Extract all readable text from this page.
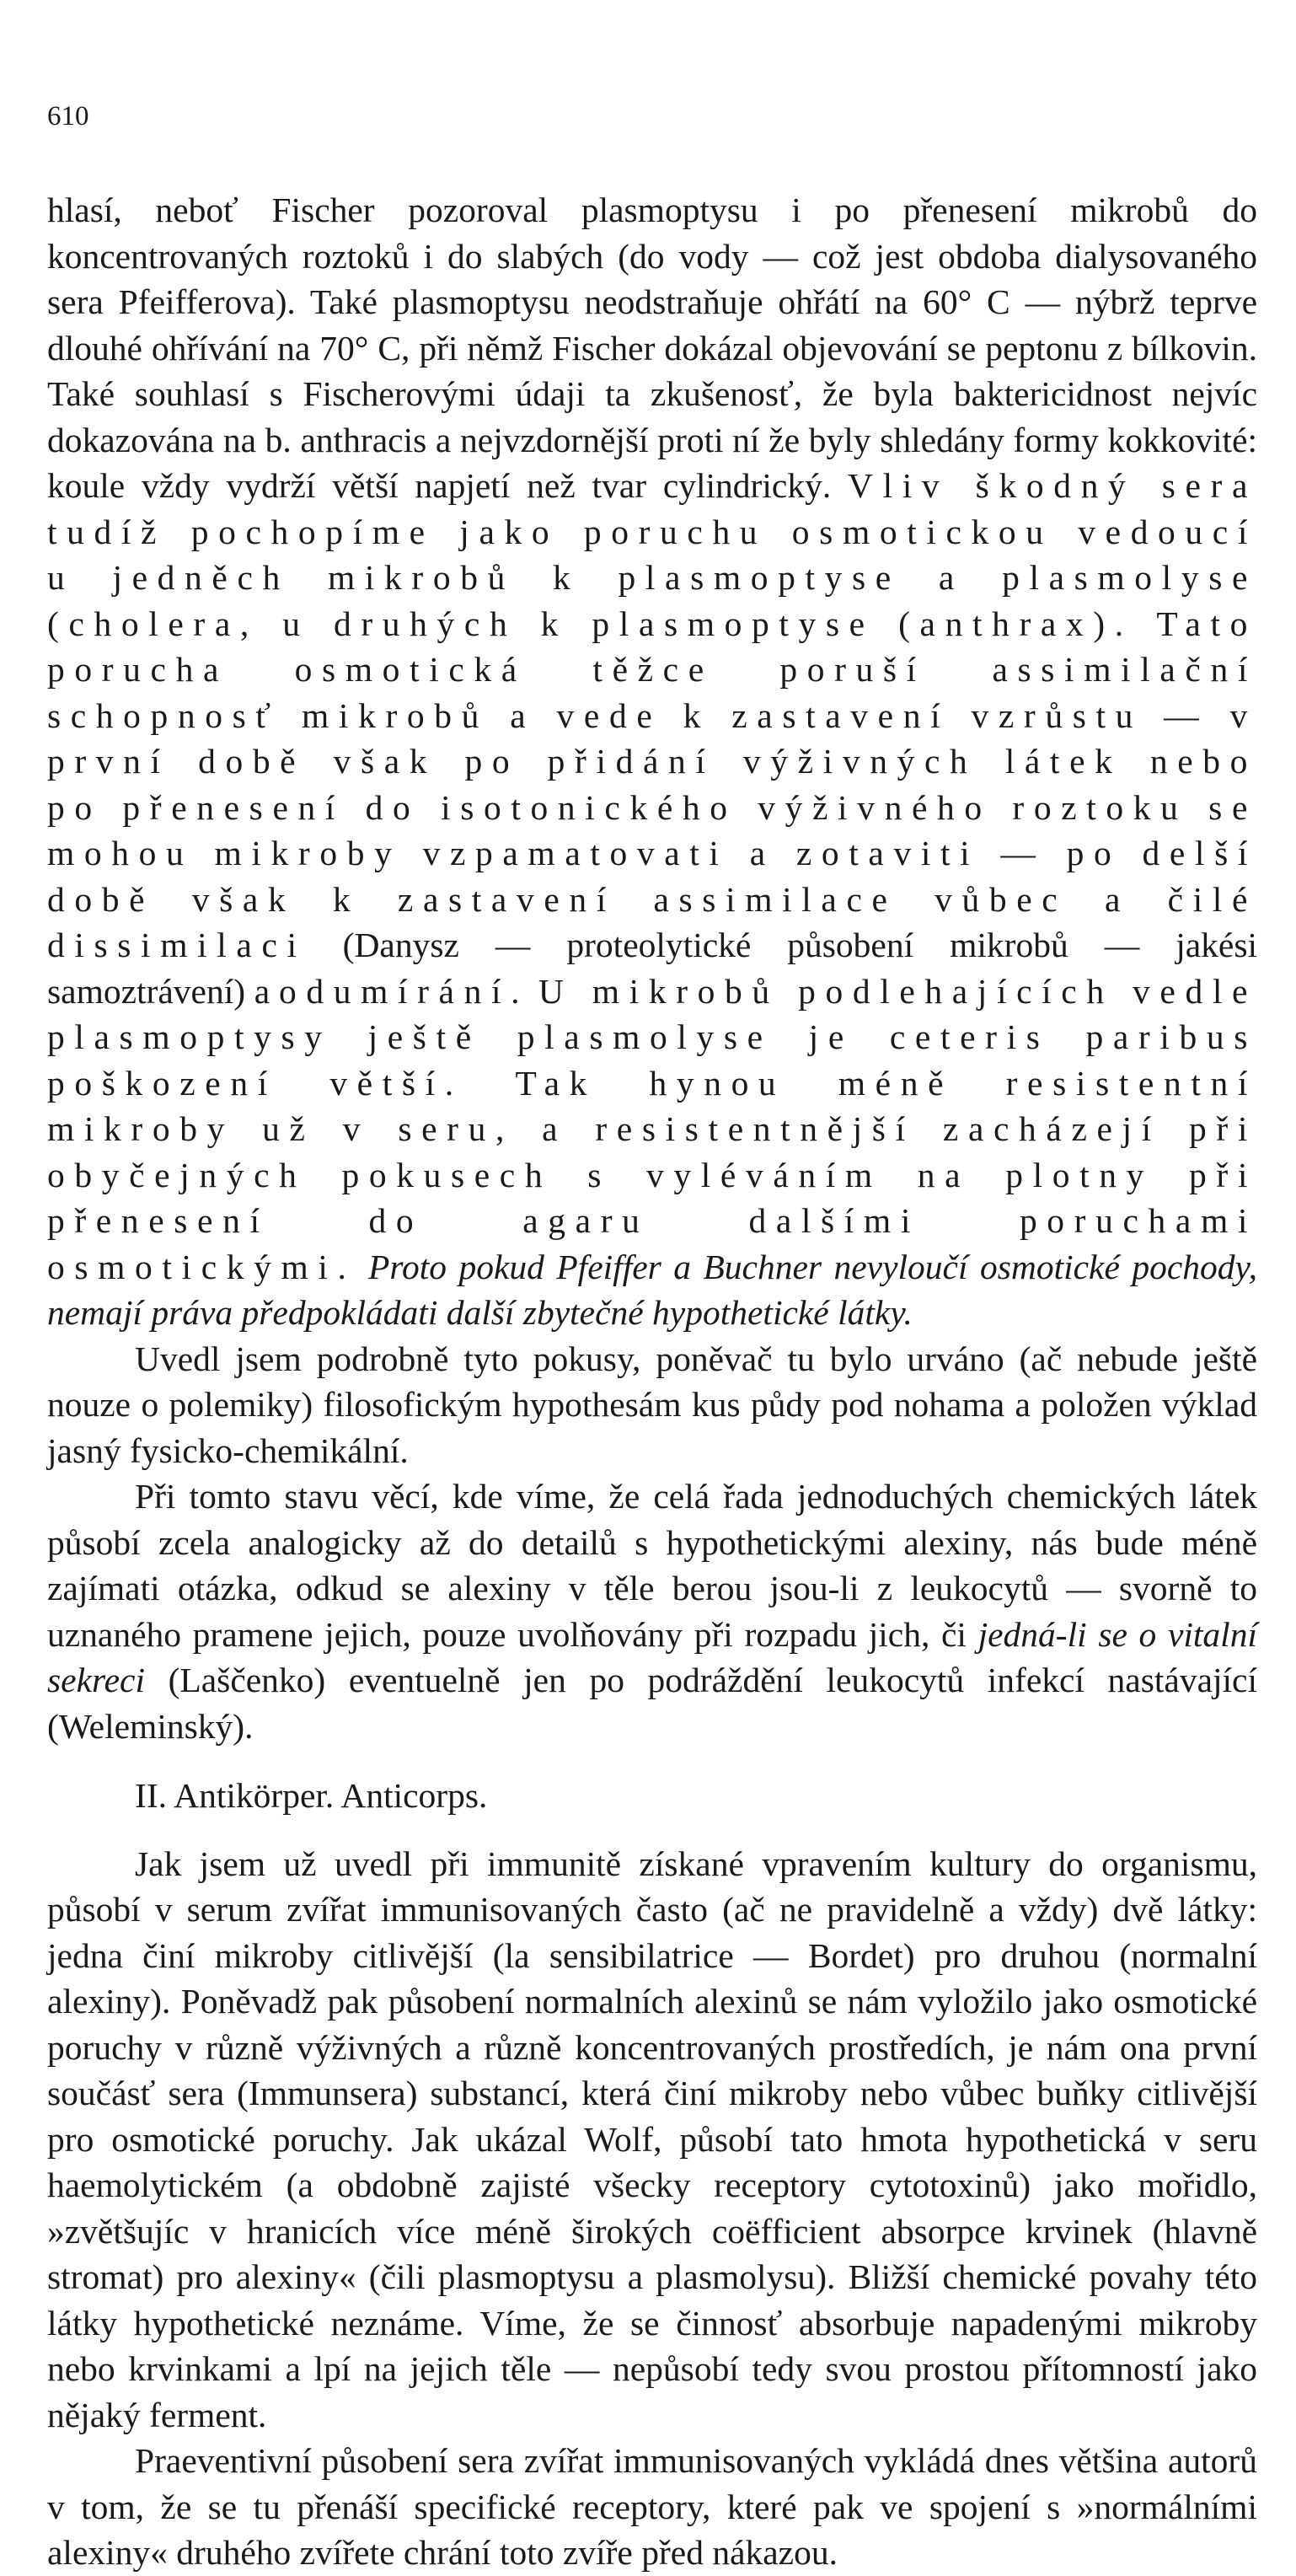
610

hlasí, neboť Fischer pozoroval plasmoptysu i po přenesení mikrobů do koncentrovaných roztoků i do slabých (do vody — což jest obdoba dialysovaného sera Pfeifferova). Také plasmoptysu neodstraňuje ohřátí na 60° C — nýbrž teprve dlouhé ohřívání na 70° C, při němž Fischer dokázal objevování se peptonu z bílkovin. Také souhlasí s Fischerovými údaji ta zkušenosť, že byla baktericidnost nejvíc dokazována na b. anthracis a nejvzdornější proti ní že byly shledány formy kokkovité: koule vždy vydrží větší napjetí než tvar cylindrický. Vliv škodný sera tudíž pochopíme jako poruchu osmotickou vedoucí u jedněch mikrobů k plasmoptyse a plasmolyse (cholera, u druhých k plasmoptyse (anthrax). Tato porucha osmotická těžce poruší assimilační schopnosť mikrobů a vede k zastavení vzrůstu — v první době však po přidání výživných látek nebo po přenesení do isotonického výživného roztoku se mohou mikroby vzpamatovati a zotaviti — po delší době však k zastavení assimilace vůbec a čilé dissimilaci (Danysz — proteolytické působení mikrobů — jakési samoztrávení) a odumírání. U mikrobů podlehajících vedle plasmoptysy ještě plasmolyse je ceteris paribus poškození větší. Tak hynou méně resistentní mikroby už v seru, a resistentnější zacházejí při obyčejných pokusech s vyléváním na plotny při přenesení do agaru dalšími poruchami osmotickými. Proto pokud Pfeiffer a Buchner nevyloučí osmotické pochody, nemají práva předpokládati další zbytečné hypothetické látky.

Uvedl jsem podrobně tyto pokusy, poněvač tu bylo urváno (ač nebude ještě nouze o polemiky) filosofickým hypothesám kus půdy pod nohama a položen výklad jasný fysicko-chemikální.

Při tomto stavu věcí, kde víme, že celá řada jednoduchých chemických látek působí zcela analogicky až do detailů s hypothetickými alexiny, nás bude méně zajímati otázka, odkud se alexiny v těle berou jsou-li z leukocytů — svorně to uznaného pramene jejich, pouze uvolňovány při rozpadu jich, či jedná-li se o vitalní sekreci (Laščenko) eventuelně jen po podráždění leukocytů infekcí nastávající (Weleminský).

II. Antikörper. Anticorps.

Jak jsem už uvedl při immunitě získané vpravením kultury do organismu, působí v serum zvířat immunisovaných často (ač ne pravidelně a vždy) dvě látky: jedna činí mikroby citlivější (la sensibilatrice — Bordet) pro druhou (normalní alexiny). Poněvadž pak působení normalních alexinů se nám vyložilo jako osmotické poruchy v různě výživných a různě koncentrovaných prostředích, je nám ona první součásť sera (Immunsera) substancí, která činí mikroby nebo vůbec buňky citlivější pro osmotické poruchy. Jak ukázal Wolf, působí tato hmota hypothetická v seru haemolytickém (a obdobně zajisté všecky receptory cytotoxinů) jako mořidlo, »zvětšujíc v hranicích více méně širokých coëfficient absorpce krvinek (hlavně stromat) pro alexiny« (čili plasmoptysu a plasmolysu). Bližší chemické povahy této látky hypothetické neznáme. Víme, že se činnosť absorbuje napadenými mikroby nebo krvinkami a lpí na jejich těle — nepůsobí tedy svou prostou přítomností jako nějaký ferment.

Praeventivní působení sera zvířat immunisovaných vykládá dnes většina autorů v tom, že se tu přenáší specifické receptory, které pak ve spojení s »normálními alexiny« druhého zvířete chrání toto zvíře před nákazou.
